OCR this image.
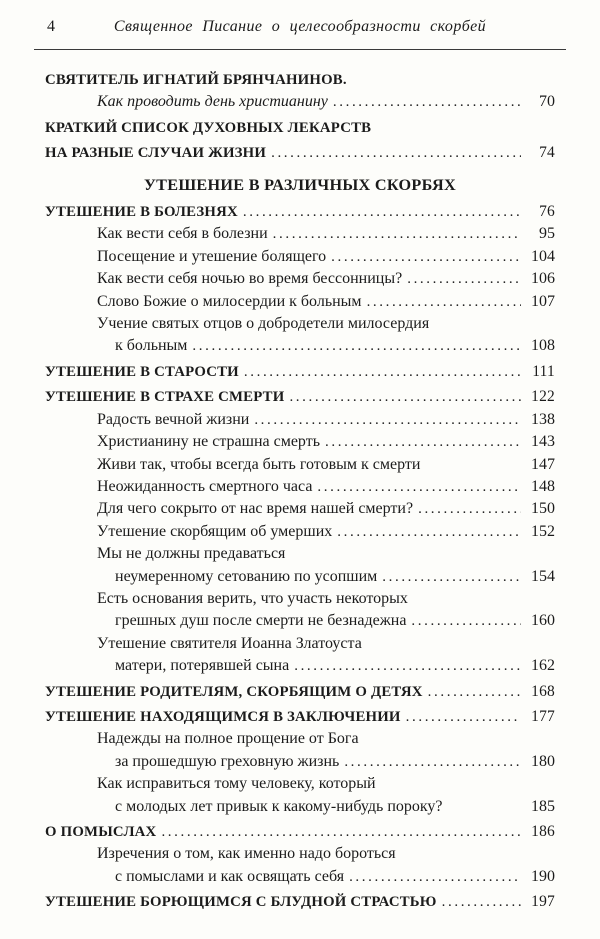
4	Священное Писание о целесообразности скорбей
СВЯТИТЕЛЬ ИГНАТИЙ БРЯНЧАНИНОВ.
Как проводить день христианину .....	70
КРАТКИЙ СПИСОК ДУХОВНЫХ ЛЕКАРСТВ
НА РАЗНЫЕ СЛУЧАИ ЖИЗНИ .....	74
УТЕШЕНИЕ В РАЗЛИЧНЫХ СКОРБЯХ
УТЕШЕНИЕ В БОЛЕЗНЯХ .....	76
Как вести себя в болезни .....	95
Посещение и утешение болящего .....	104
Как вести себя ночью во время бессонницы? .....	106
Слово Божие о милосердии к больным .....	107
Учение святых отцов о добродетели милосердия
к больным .....	108
УТЕШЕНИЕ В СТАРОСТИ .....	111
УТЕШЕНИЕ В СТРАХЕ СМЕРТИ .....	122
Радость вечной жизни .....	138
Христианину не страшна смерть .....	143
Живи так, чтобы всегда быть готовым к смерти	147
Неожиданность смертного часа .....	148
Для чего сокрыто от нас время нашей смерти? .....	150
Утешение скорбящим об умерших .....	152
Мы не должны предаваться
неумеренному сетованию по усопшим .....	154
Есть основания верить, что участь некоторых
грешных душ после смерти не безнадежна .....	160
Утешение святителя Иоанна Златоуста
матери, потерявшей сына .....	162
УТЕШЕНИЕ РОДИТЕЛЯМ, СКОРБЯЩИМ О ДЕТЯХ .....	168
УТЕШЕНИЕ НАХОДЯЩИМСЯ В ЗАКЛЮЧЕНИИ .....	177
Надежды на полное прощение от Бога
за прошедшую греховную жизнь .....	180
Как исправиться тому человеку, который
с молодых лет привык к какому-нибудь пороку?	185
О ПОМЫСЛАХ .....	186
Изречения о том, как именно надо бороться
с помыслами и как освящать себя .....	190
УТЕШЕНИЕ БОРЮЩИМСЯ С БЛУДНОЙ СТРАСТЬЮ .....	197
